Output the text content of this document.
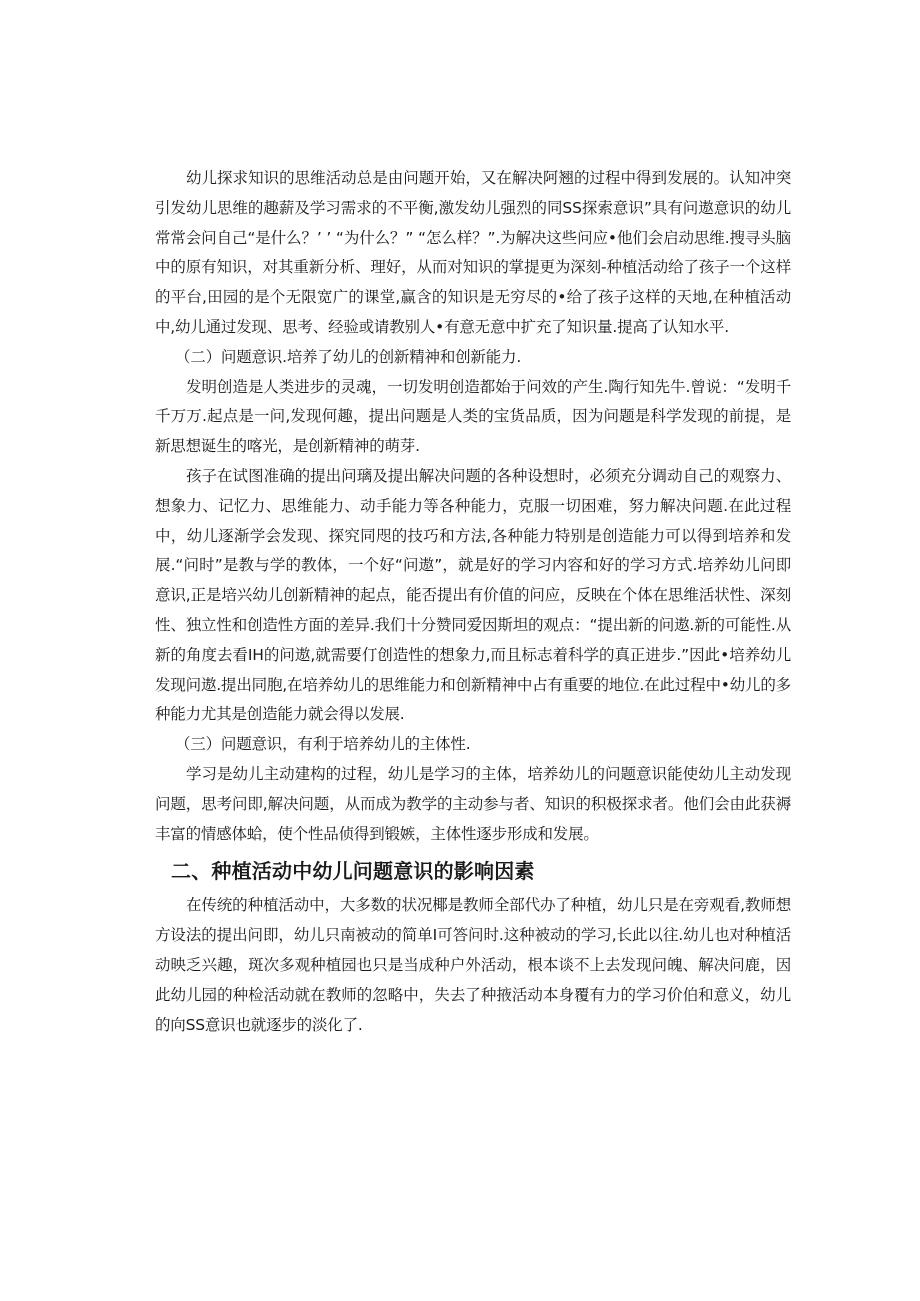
幼儿探求知识的思维活动总是由问题开始，又在解决阿翘的过程中得到发展的。认知冲突引发幼儿思维的趣薪及学习需求的不平衡,激发幼儿强烈的同SS探索意识”具有问遨意识的幼儿常常会问自己“是什么？’ ’ “为什么？” “怎么样？”.为解决这些问应•他们会启动思维.搜寻头脑中的原有知识，对其重新分析、理好，从而对知识的掌提更为深刻-种植活动给了孩子一个这样的平台,田园的是个无限宽广的课堂,赢含的知识是无穷尽的•给了孩子这样的天地,在种植活动中,幼儿通过发现、思考、经验或请教别人•有意无意中扩充了知识量.提高了认知水平.

（二）问题意识.培养了幼儿的创新精神和创新能力.

发明创造是人类进步的灵魂，一切发明创造都始于问效的产生.陶行知先牛.曾说：“发明千千万万.起点是一问,发现何趣，提出问题是人类的宝货品质，因为问题是科学发现的前提，是新思想诞生的喀光，是创新精神的萌芽.

孩子在试图准确的提出问璃及提出解决问题的各种设想时，必须充分调动自己的观察力、想象力、记忆力、思维能力、动手能力等各种能力，克服一切困难，努力解决问题.在此过程中，幼儿逐渐学会发现、探究同咫的技巧和方法,各种能力特别是创造能力可以得到培养和发展.“问时”是教与学的教体，一个好“问遨”，就是好的学习内容和好的学习方式.培养幼儿问即意识,正是培兴幼儿创新精神的起点，能否提出有价值的问应，反映在个体在思维活状性、深刻性、独立性和创造性方面的差异.我们十分赞同爱因斯坦的观点：“提出新的问遨.新的可能性.从新的角度去看IH的问遨,就需要仃创造性的想象力,而且标志着科学的真正进步.”因此•培养幼儿发现问遨.提出同胞,在培养幼儿的思维能力和创新精神中占有重要的地位.在此过程中•幼儿的多种能力尤其是创造能力就会得以发展.

（三）问题意识，有利于培养幼儿的主体性.

学习是幼儿主动建构的过程，幼儿是学习的主体，培养幼儿的问题意识能使幼儿主动发现问题，思考问即,解决问题，从而成为教学的主动参与者、知识的积极探求者。他们会由此获褥丰富的情感体蛤，使个性品侦得到锻嫉，主体性逐步形成和发展。

二、种植活动中幼儿问题意识的影响因素

在传统的种植活动中，大多数的状况椰是教师全部代办了种植，幼儿只是在旁观看,教师想方设法的提出问即，幼儿只南被动的简单I可答问时.这种被动的学习,长此以往.幼儿也对种植活动映乏兴趣，斑次多观种植园也只是当成种户外活动，根本谈不上去发现问魄、解决问鹿，因此幼儿园的种检活动就在教师的忽略中，失去了种掖活动本身覆有力的学习价伯和意义，幼儿的向SS意识也就逐步的淡化了.
